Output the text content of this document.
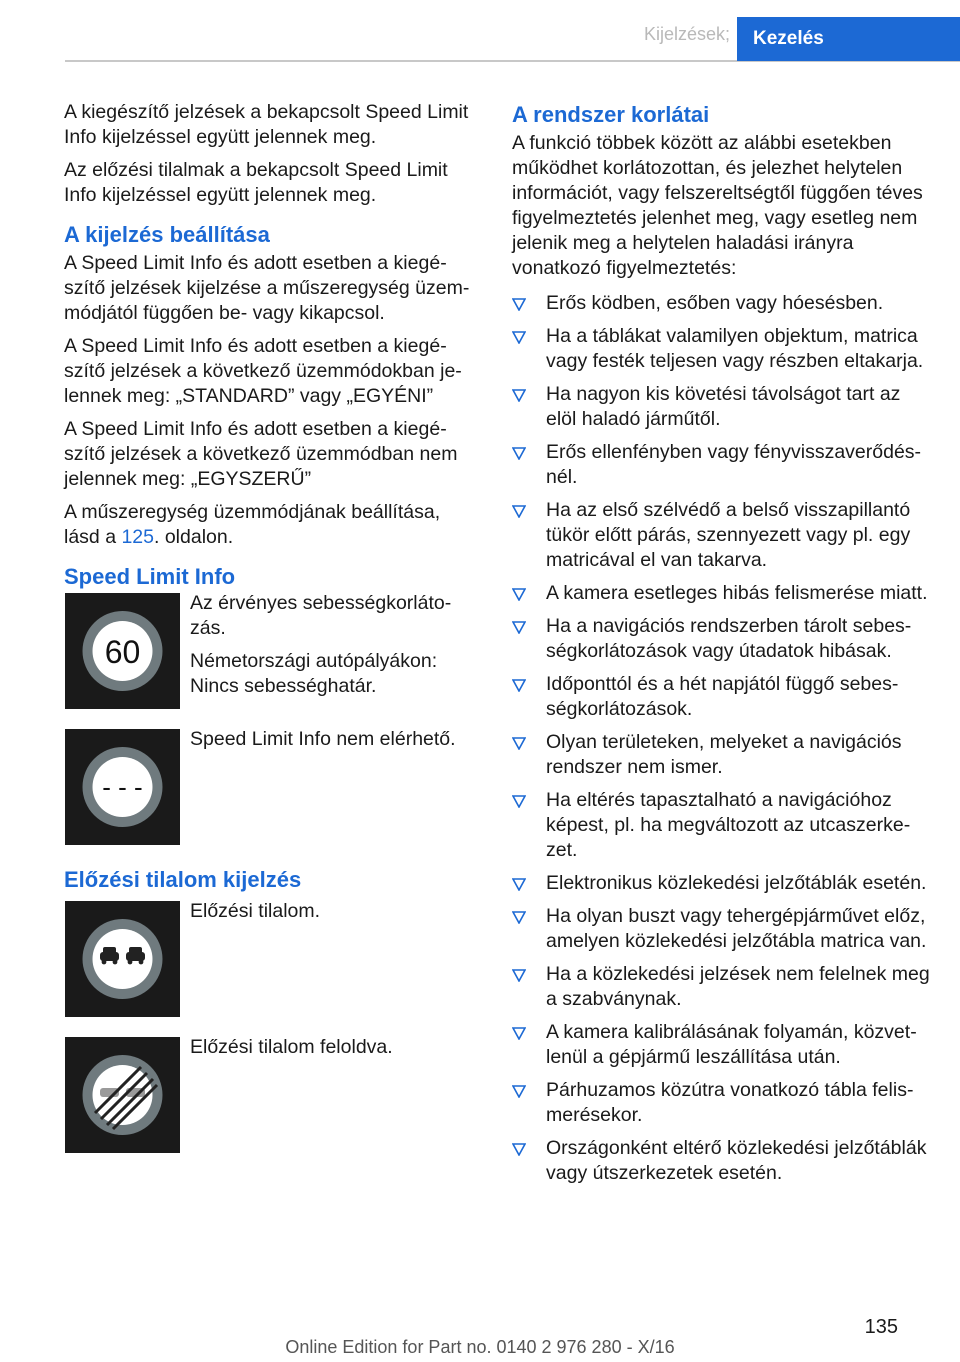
Kijelzések;	Kezelés

A kiegészítő jelzések a bekapcsolt Speed Limit Info kijelzéssel együtt jelennek meg.

Az előzési tilalmak a bekapcsolt Speed Limit Info kijelzéssel együtt jelennek meg.

A kijelzés beállítása

A Speed Limit Info és adott esetben a kiegészítő jelzések kijelzése a műszeregység üzemmódjától függően be- vagy kikapcsol.

A Speed Limit Info és adott esetben a kiegészítő jelzések a következő üzemmódokban jelennek meg: „STANDARD” vagy „EGYÉNI”

A Speed Limit Info és adott esetben a kiegészítő jelzések a következő üzemmódban nem jelennek meg: „EGYSZERŰ”

A műszeregység üzemmódjának beállítása, lásd a 125. oldalon.

Speed Limit Info
60

Az érvényes sebességkorlátozás.

Németországi autópályákon: Nincs sebességhatár.

- - -

Speed Limit Info nem elérhető.

Előzési tilalom kijelzés

Előzési tilalom.

Előzési tilalom feloldva.

A rendszer korlátai

A funkció többek között az alábbi esetekben működhet korlátozottan, és jelezhet helytelen információt, vagy felszereltségtől függően téves figyelmeztetés jelenhet meg, vagy esetleg nem jelenik meg a helytelen haladási irányra vonatkozó figyelmeztetés:

Erős ködben, esőben vagy hóesésben.
Ha a táblákat valamilyen objektum, matrica vagy festék teljesen vagy részben eltakarja.
Ha nagyon kis követési távolságot tart az elöl haladó járműtől.
Erős ellenfényben vagy fényvisszaverődésnél.
Ha az első szélvédő a belső visszapillantó tükör előtt párás, szennyezett vagy pl. egy matricával el van takarva.
A kamera esetleges hibás felismerése miatt.
Ha a navigációs rendszerben tárolt sebességkorlátozások vagy útadatok hibásak.
Időponttól és a hét napjától függő sebességkorlátozások.
Olyan területeken, melyeket a navigációs rendszer nem ismer.
Ha eltérés tapasztalható a navigációhoz képest, pl. ha megváltozott az utcaszerkezet.
Elektronikus közlekedési jelzőtáblák esetén.
Ha olyan buszt vagy tehergépjárművet előz, amelyen közlekedési jelzőtábla matrica van.
Ha a közlekedési jelzések nem felelnek meg a szabványnak.
A kamera kalibrálásának folyamán, közvetlenül a gépjármű leszállítása után.
Párhuzamos közútra vonatkozó tábla felismerésekor.
Országonként eltérő közlekedési jelzőtáblák vagy útszerkezetek esetén.
135
Online Edition for Part no. 0140 2 976 280 - X/16
